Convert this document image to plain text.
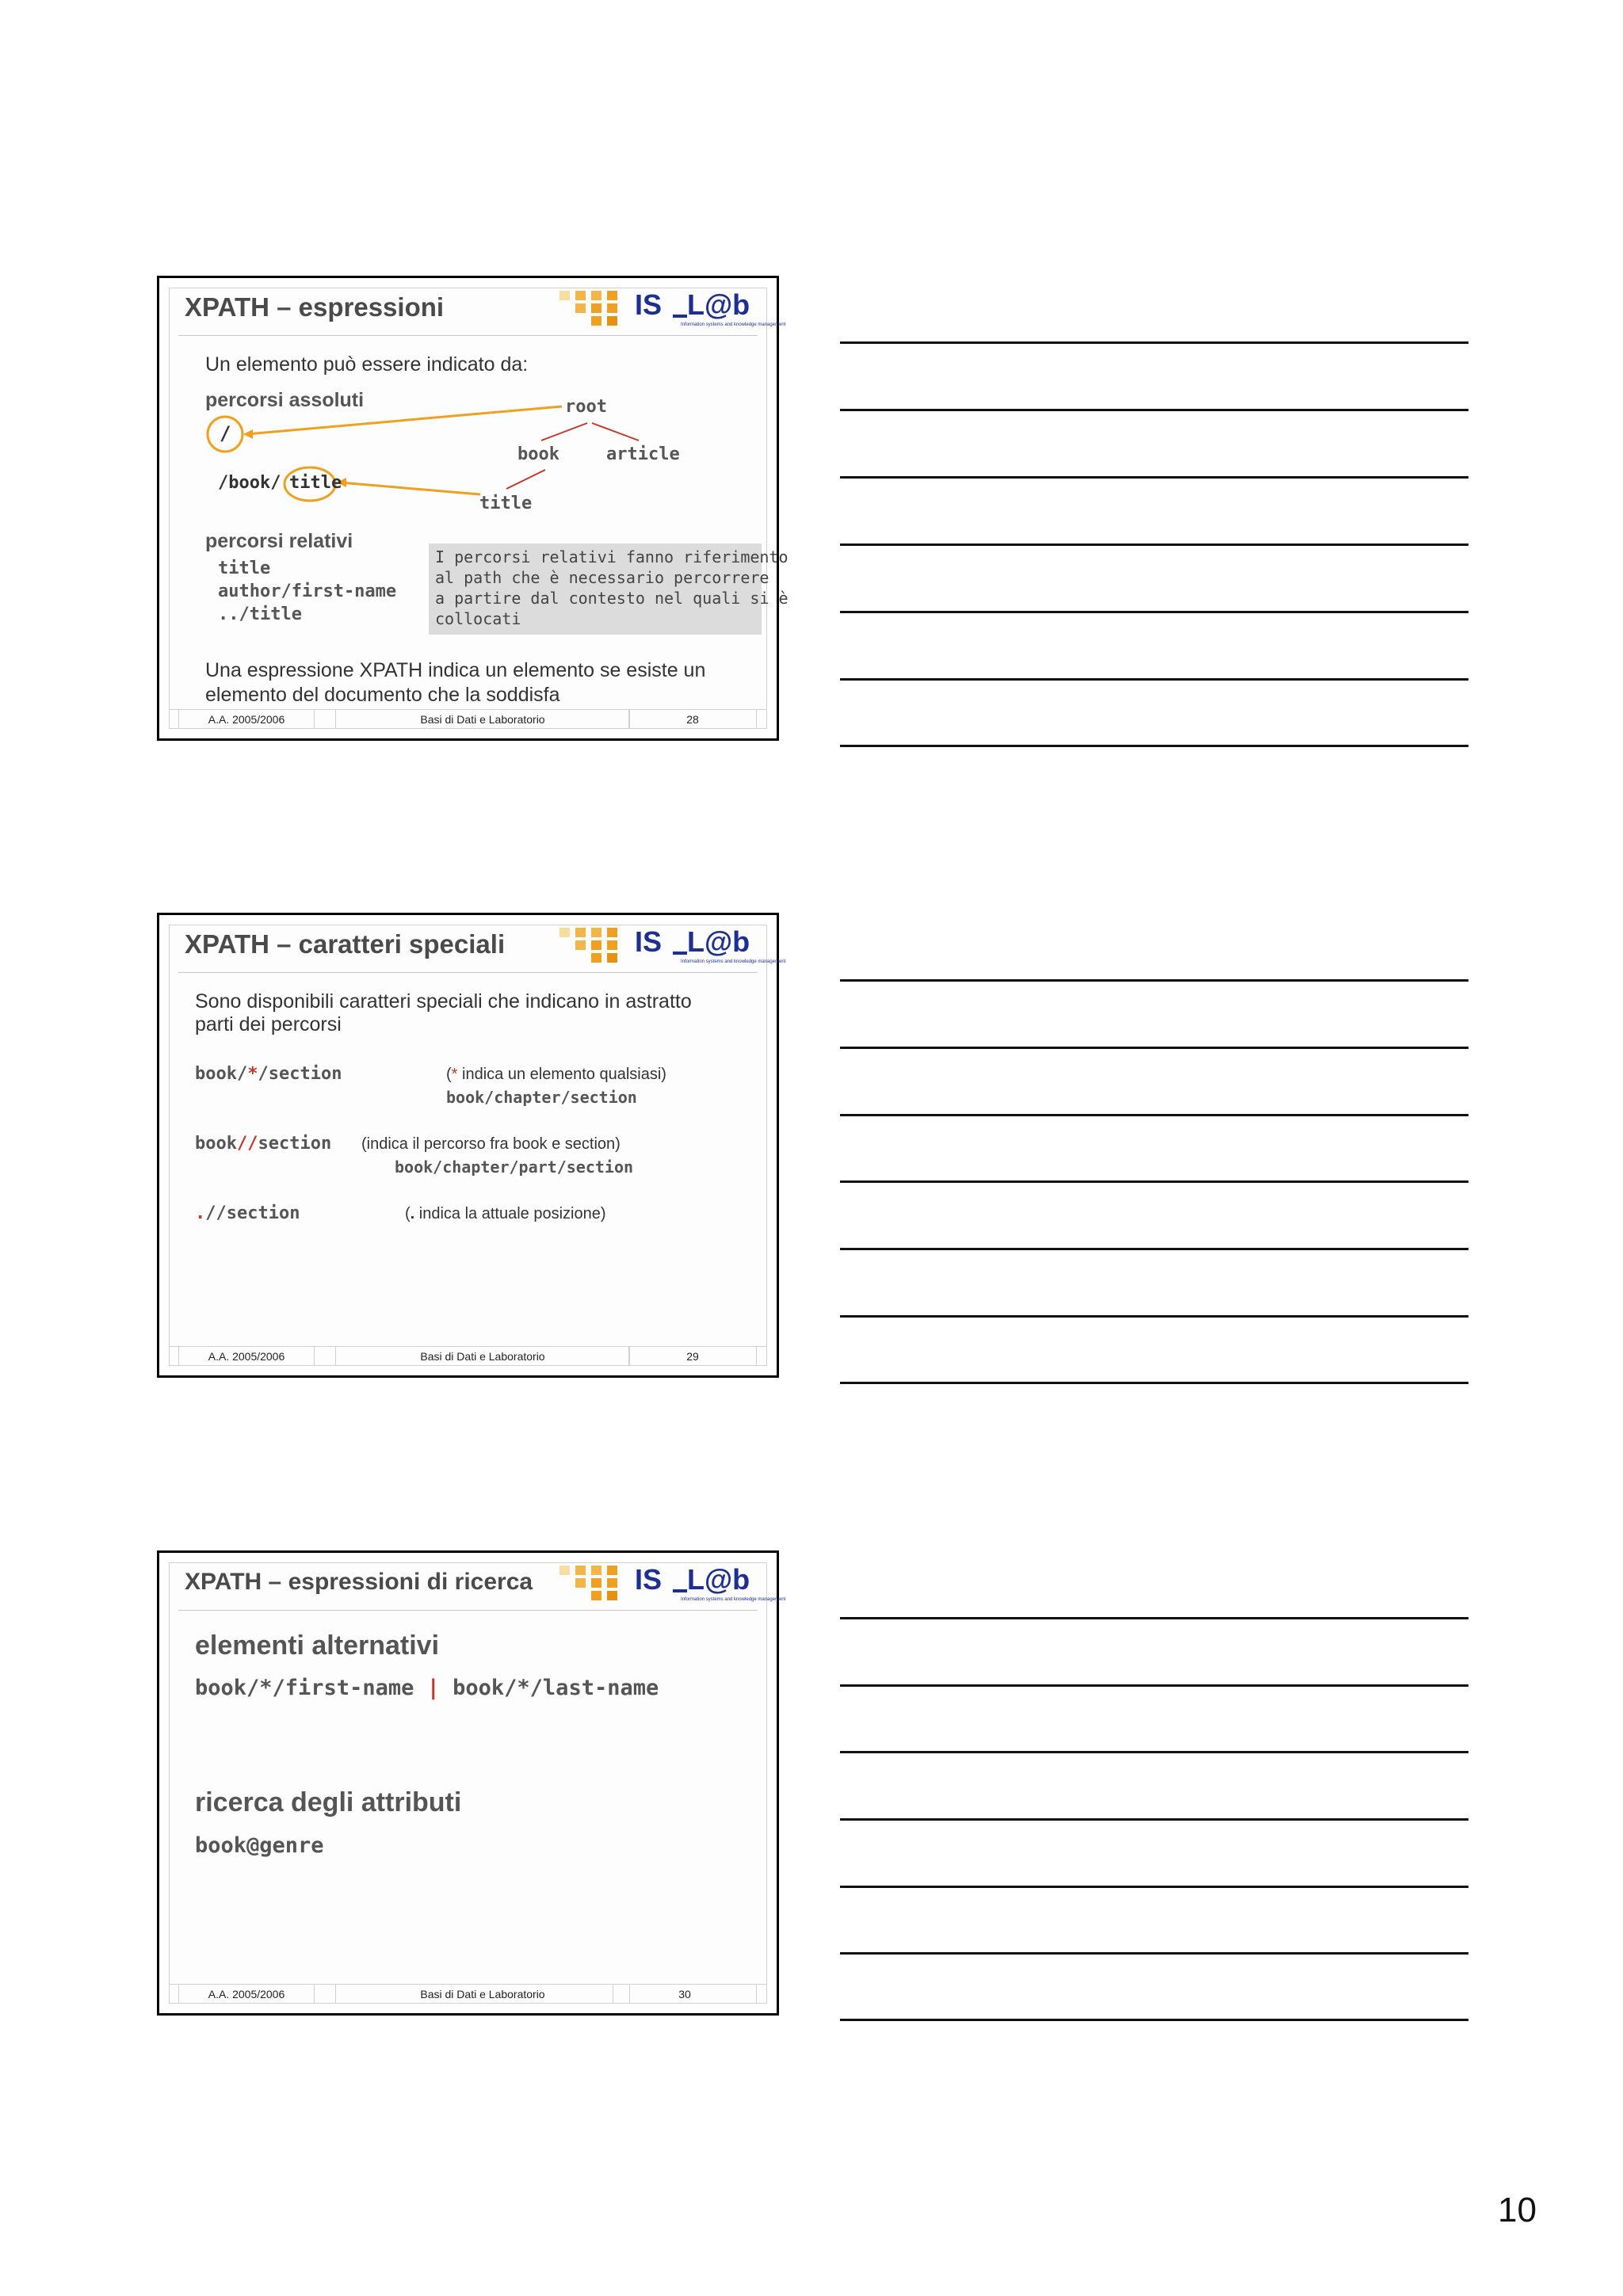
XPATH – espressioni	IS L@b
Information systems and knowledge management
Un elemento può essere indicato da:
percorsi assoluti
/
/book/ title
root
book	article
title
percorsi relativi
title
author/first-name
../title
I percorsi relativi fanno riferimento
al path che è necessario percorrere
a partire dal contesto nel quali si è
collocati
Una espressione XPATH indica un elemento se esiste un
elemento del documento che la soddisfa
A.A. 2005/2006	Basi di Dati e Laboratorio	28
XPATH – caratteri speciali	IS L@b
Information systems and knowledge management
Sono disponibili caratteri speciali che indicano in astratto
parti dei percorsi
book/*/section	(* indica un elemento qualsiasi)
book/chapter/section
book//section (indica il percorso fra book e section)
book/chapter/part/section
.//section	(. indica la attuale posizione)
A.A. 2005/2006	Basi di Dati e Laboratorio	29
XPATH – espressioni di ricerca	IS L@b
Information systems and knowledge management
elementi alternativi
book/*/first-name | book/*/last-name
ricerca degli attributi
book@genre
A.A. 2005/2006	Basi di Dati e Laboratorio	30
10
